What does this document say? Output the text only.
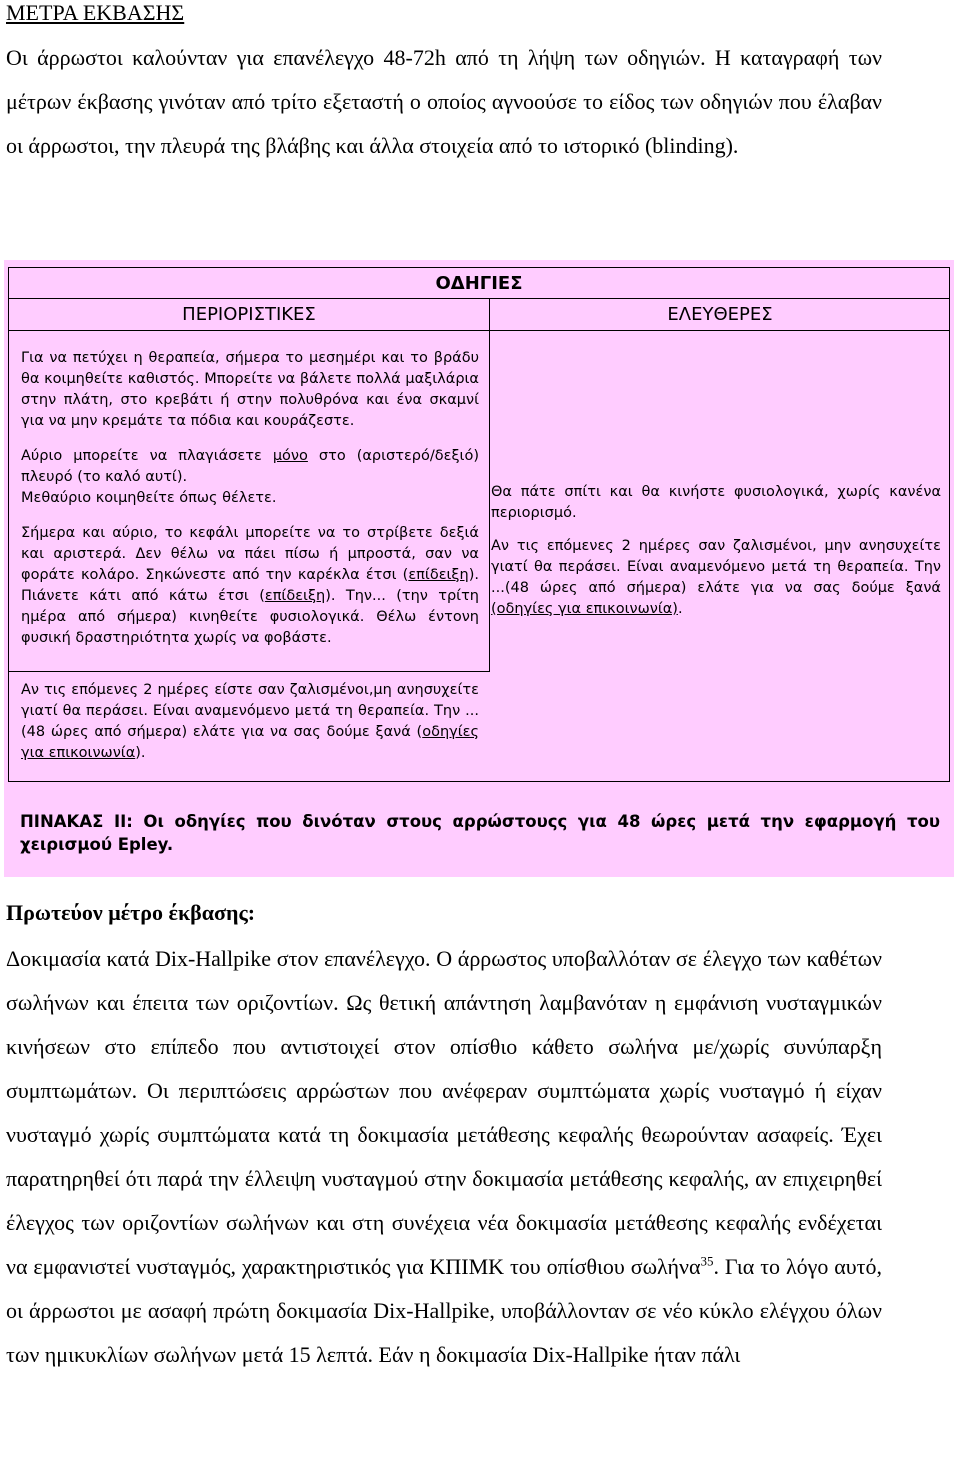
ΜΕΤΡΑ ΕΚΒΑΣΗΣ

Οι άρρωστοι καλούνταν για επανέλεγχο 48-72h από τη λήψη των οδηγιών. Η καταγραφή των μέτρων έκβασης γινόταν από τρίτο εξεταστή ο οποίος αγνοούσε το είδος των οδηγιών που έλαβαν οι άρρωστοι, την πλευρά της βλάβης και άλλα στοιχεία από το ιστορικό (blinding).

ΟΔΗΓΙΕΣ
ΠΕΡΙΟΡΙΣΤΙΚΕΣ	ΕΛΕΥΘΕΡΕΣ

Για να πετύχει η θεραπεία, σήμερα το μεσημέρι και το βράδυ θα κοιμηθείτε καθιστός. Μπορείτε να βάλετε πολλά μαξιλάρια στην πλάτη, στο κρεβάτι ή στην πολυθρόνα και ένα σκαμνί για να μην κρεμάτε τα πόδια και κουράζεστε.

Αύριο μπορείτε να πλαγιάσετε μόνο στο (αριστερό/δεξιό) πλευρό (το καλό αυτί).

Μεθαύριο κοιμηθείτε όπως θέλετε.

Σήμερα και αύριο, το κεφάλι μπορείτε να το στρίβετε δεξιά και αριστερά. Δεν θέλω να πάει πίσω ή μπροστά, σαν να φοράτε κολάρο. Σηκώνεστε από την καρέκλα έτσι (επίδειξη). Πιάνετε κάτι από κάτω έτσι (επίδειξη). Την... (την τρίτη ημέρα από σήμερα) κινηθείτε φυσιολογικά. Θέλω έντονη φυσική δραστηριότητα χωρίς να φοβάστε.

Θα πάτε σπίτι και θα κινήστε φυσιολογικά, χωρίς κανένα περιορισμό.

Αν τις επόμενες 2 ημέρες σαν ζαλισμένοι, μην ανησυχείτε γιατί θα περάσει. Είναι αναμενόμενο μετά τη θεραπεία. Την ...(48 ώρες από σήμερα) ελάτε για να σας δούμε ξανά (οδηγίες για επικοινωνία).

Αν τις επόμενες 2 ημέρες είστε σαν ζαλισμένοι,μη ανησυχείτε γιατί θα περάσει. Είναι αναμενόμενο μετά τη θεραπεία. Την ...(48 ώρες από σήμερα) ελάτε για να σας δούμε ξανά (οδηγίες για επικοινωνία).

ΠΙΝΑΚΑΣ ΙΙ: Οι οδηγίες που δινόταν στους αρρώστουςς για 48 ώρες μετά την εφαρμογή του χειρισμού Epley.
Πρωτεύον μέτρο έκβασης:

Δοκιμασία κατά Dix-Hallpike στον επανέλεγχο. Ο άρρωστος υποβαλλόταν σε έλεγχο των καθέτων σωλήνων και έπειτα των οριζοντίων. Ως θετική απάντηση λαμβανόταν η εμφάνιση νυσταγμικών κινήσεων στο επίπεδο που αντιστοιχεί στον οπίσθιο κάθετο σωλήνα με/χωρίς συνύπαρξη συμπτωμάτων. Οι περιπτώσεις αρρώστων που ανέφεραν συμπτώματα χωρίς νυσταγμό ή είχαν νυσταγμό χωρίς συμπτώματα κατά τη δοκιμασία μετάθεσης κεφαλής θεωρούνταν ασαφείς. Έχει παρατηρηθεί ότι παρά την έλλειψη νυσταγμού στην δοκιμασία μετάθεσης κεφαλής, αν επιχειρηθεί έλεγχος των οριζοντίων σωλήνων και στη συνέχεια νέα δοκιμασία μετάθεσης κεφαλής ενδέχεται να εμφανιστεί νυσταγμός, χαρακτηριστικός για ΚΠΙΜΚ του οπίσθιου σωλήνα$^{35}$. Για το λόγο αυτό, οι άρρωστοι με ασαφή πρώτη δοκιμασία Dix-Hallpike, υποβάλλονταν σε νέο κύκλο ελέγχου όλων των ημικυκλίων σωλήνων μετά 15 λεπτά. Εάν η δοκιμασία Dix-Hallpike ήταν πάλι
